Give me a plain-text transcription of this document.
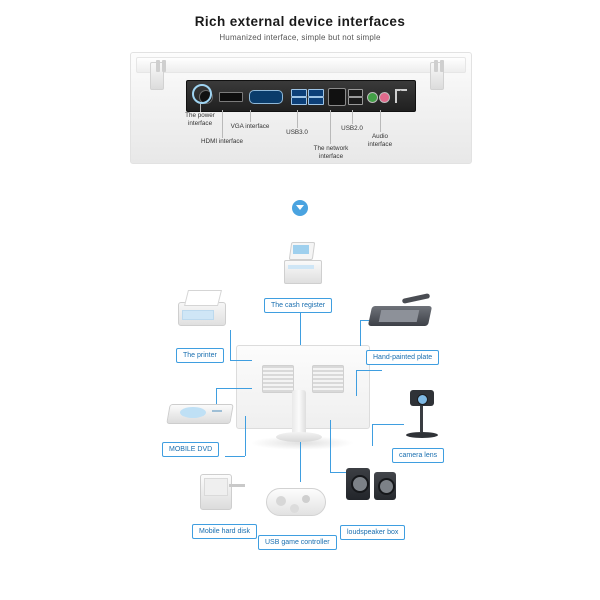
Rich external device interfaces
Humanized interface, simple but not simple
The power
interface
HDMI interface
VGA interface
USB3.0
The network
interface
USB2.0
Audio
interface
The cash register
The printer	Hand-painted plate
MOBILE DVD
camera lens
Mobile hard disk
USB game controller
loudspeaker box
